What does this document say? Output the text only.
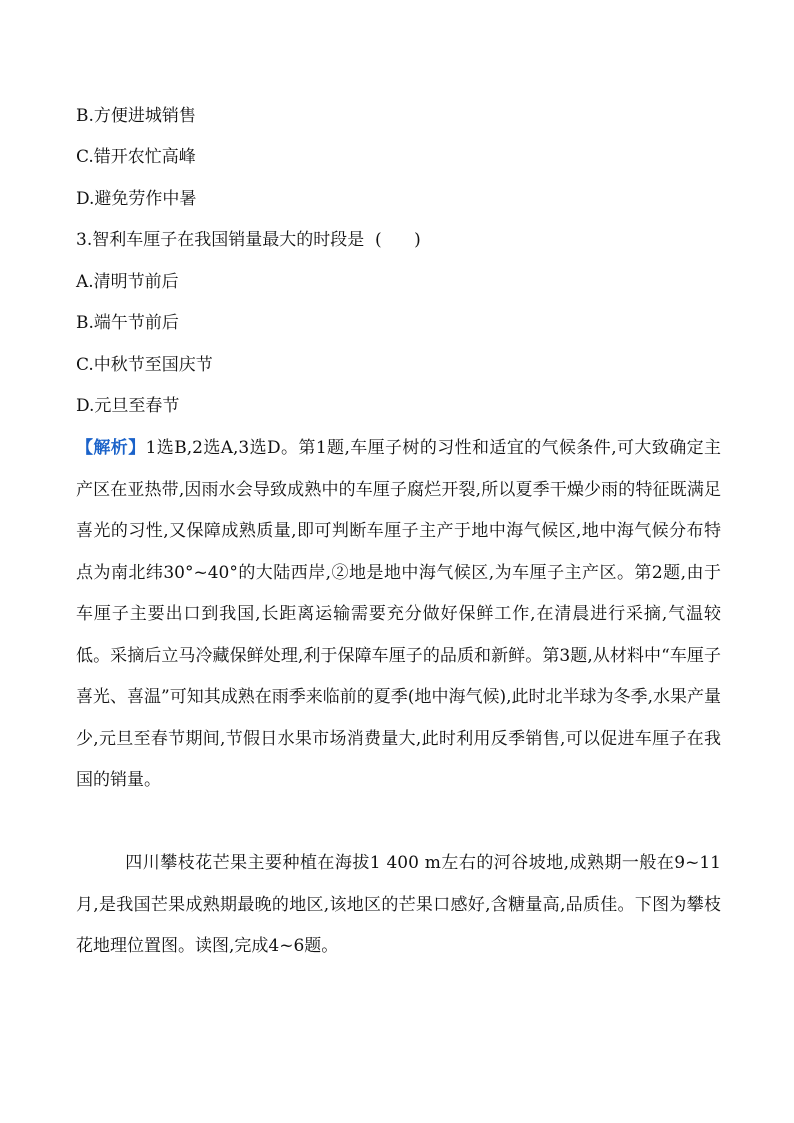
B.方便进城销售
C.错开农忙高峰
D.避免劳作中暑
3.智利车厘子在我国销量最大的时段是  (      )
A.清明节前后
B.端午节前后
C.中秋节至国庆节
D.元旦至春节

【解析】1选B,2选A,3选D。第1题,车厘子树的习性和适宜的气候条件,可大致确定主产区在亚热带,因雨水会导致成熟中的车厘子腐烂开裂,所以夏季干燥少雨的特征既满足喜光的习性,又保障成熟质量,即可判断车厘子主产于地中海气候区,地中海气候分布特点为南北纬30°~40°的大陆西岸,②地是地中海气候区,为车厘子主产区。第2题,由于车厘子主要出口到我国,长距离运输需要充分做好保鲜工作,在清晨进行采摘,气温较低。采摘后立马冷藏保鲜处理,利于保障车厘子的品质和新鲜。第3题,从材料中“车厘子喜光、喜温”可知其成熟在雨季来临前的夏季(地中海气候),此时北半球为冬季,水果产量少,元旦至春节期间,节假日水果市场消费量大,此时利用反季销售,可以促进车厘子在我国的销量。

四川攀枝花芒果主要种植在海拔1 400 m左右的河谷坡地,成熟期一般在9~11月,是我国芒果成熟期最晚的地区,该地区的芒果口感好,含糖量高,品质佳。下图为攀枝花地理位置图。读图,完成4~6题。
